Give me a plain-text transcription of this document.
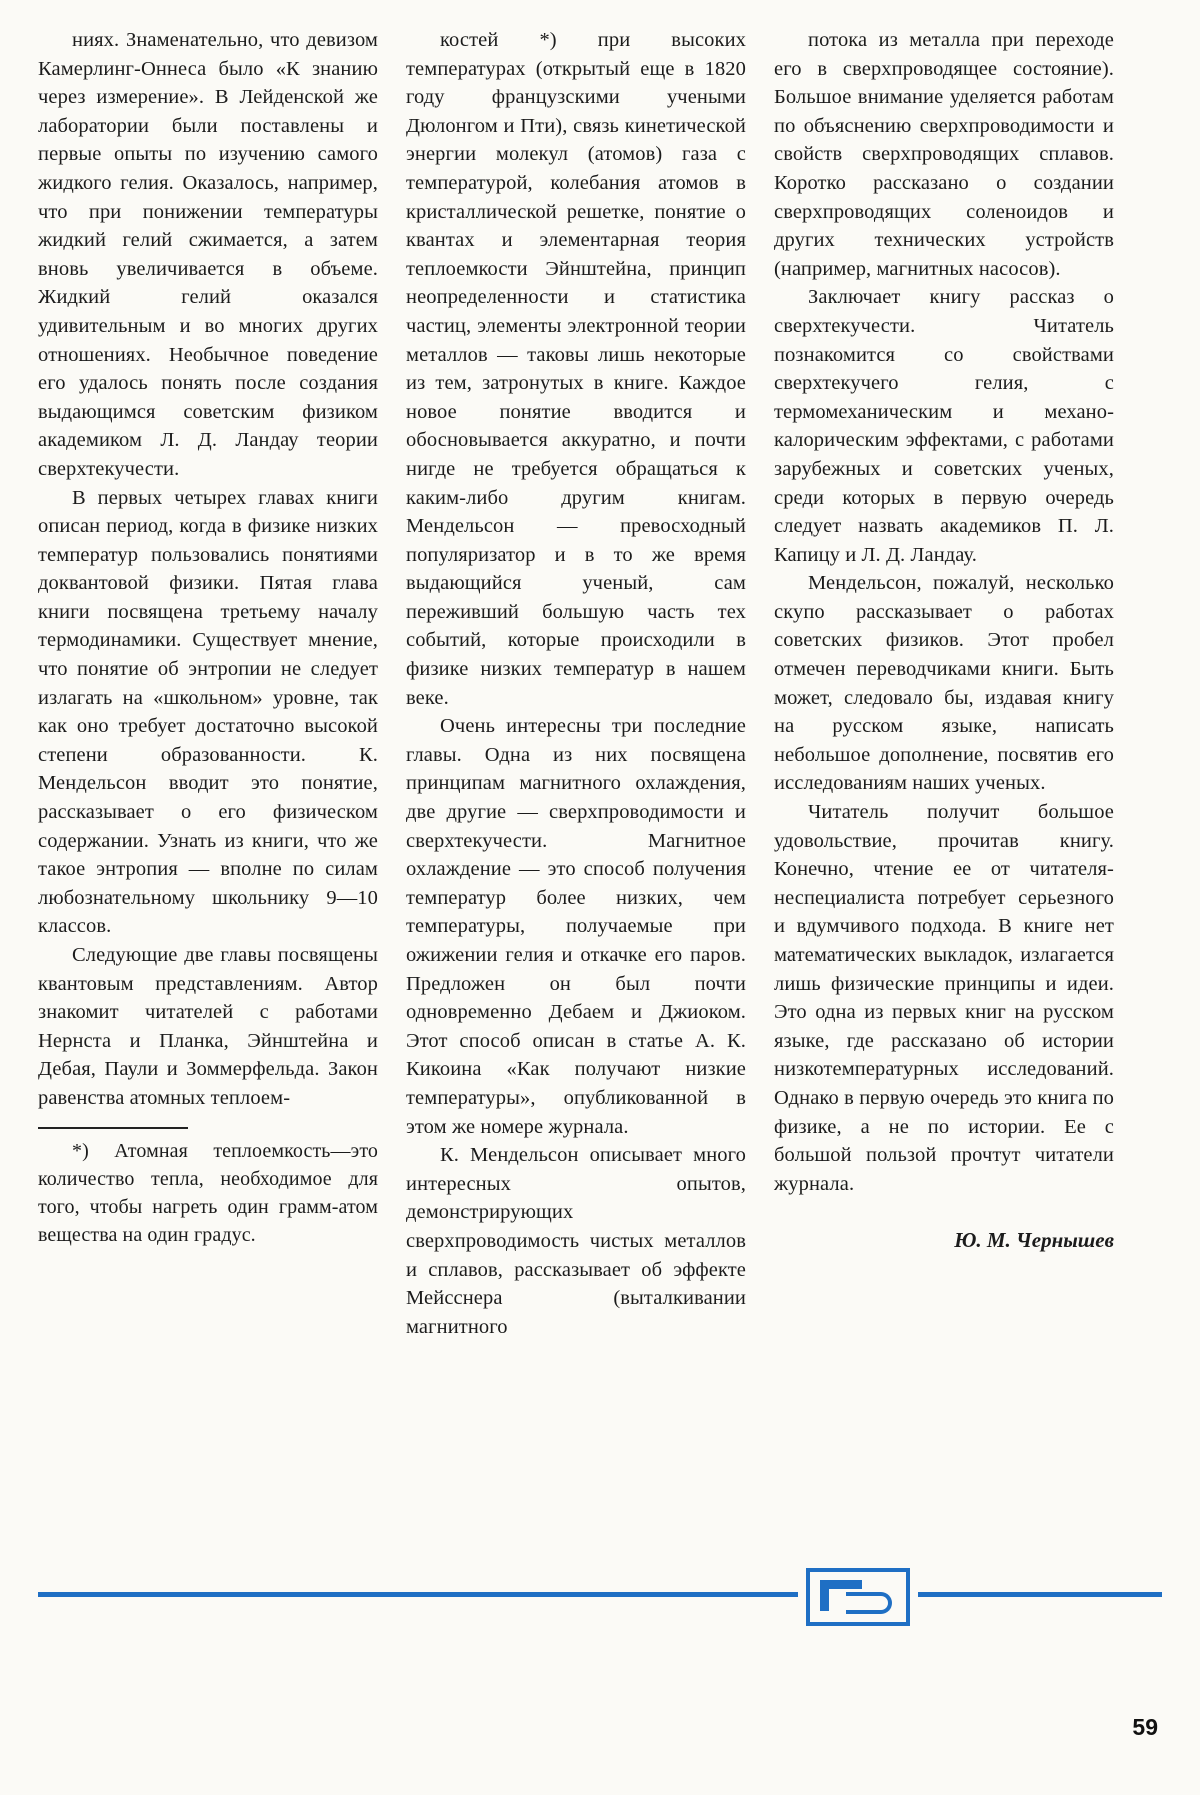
ниях. Знаменательно, что девизом Камерлинг-Оннеса было «К знанию через измерение». В Лейденской же лаборатории были поставлены и первые опыты по изучению самого жидкого гелия. Оказалось, например, что при понижении температуры жидкий гелий сжимается, а затем вновь увеличивается в объеме. Жидкий гелий оказался удивительным и во многих других отношениях. Необычное поведение его удалось понять после создания выдающимся советским физиком академиком Л. Д. Ландау теории сверхтекучести.

В первых четырех главах книги описан период, когда в физике низких температур пользовались понятиями доквантовой физики. Пятая глава книги посвящена третьему началу термодинамики. Существует мнение, что понятие об энтропии не следует излагать на «школьном» уровне, так как оно требует достаточно высокой степени образованности. К. Мендельсон вводит это понятие, рассказывает о его физическом содержании. Узнать из книги, что же такое энтропия — вполне по силам любознательному школьнику 9—10 классов.

Следующие две главы посвящены квантовым представлениям. Автор знакомит читателей с работами Нернста и Планка, Эйнштейна и Дебая, Паули и Зоммерфельда. Закон равенства атомных теплоем-

*) Атомная теплоемкость—это количество тепла, необходимое для того, чтобы нагреть один грамм-атом вещества на один градус.

костей *) при высоких температурах (открытый еще в 1820 году французскими учеными Дюлонгом и Пти), связь кинетической энергии молекул (атомов) газа с температурой, колебания атомов в кристаллической решетке, понятие о квантах и элементарная теория теплоемкости Эйнштейна, принцип неопределенности и статистика частиц, элементы электронной теории металлов — таковы лишь некоторые из тем, затронутых в книге. Каждое новое понятие вводится и обосновывается аккуратно, и почти нигде не требуется обращаться к каким-либо другим книгам. Мендельсон — превосходный популяризатор и в то же время выдающийся ученый, сам переживший большую часть тех событий, которые происходили в физике низких температур в нашем веке.

Очень интересны три последние главы. Одна из них посвящена принципам магнитного охлаждения, две другие — сверхпроводимости и сверхтекучести. Магнитное охлаждение — это способ получения температур более низких, чем температуры, получаемые при ожижении гелия и откачке его паров. Предложен он был почти одновременно Дебаем и Джиоком. Этот способ описан в статье А. К. Кикоина «Как получают низкие температуры», опубликованной в этом же номере журнала.

К. Мендельсон описывает много интересных опытов, демонстрирующих сверхпроводимость чистых металлов и сплавов, рассказывает об эффекте Мейсснера (выталкивании магнитного

потока из металла при переходе его в сверхпроводящее состояние). Большое внимание уделяется работам по объяснению сверхпроводимости и свойств сверхпроводящих сплавов. Коротко рассказано о создании сверхпроводящих соленоидов и других технических устройств (например, магнитных насосов).

Заключает книгу рассказ о сверхтекучести. Читатель познакомится со свойствами сверхтекучего гелия, с термомеханическим и механо-калорическим эффектами, с работами зарубежных и советских ученых, среди которых в первую очередь следует назвать академиков П. Л. Капицу и Л. Д. Ландау.

Мендельсон, пожалуй, несколько скупо рассказывает о работах советских физиков. Этот пробел отмечен переводчиками книги. Быть может, следовало бы, издавая книгу на русском языке, написать небольшое дополнение, посвятив его исследованиям наших ученых.

Читатель получит большое удовольствие, прочитав книгу. Конечно, чтение ее от читателя-неспециалиста потребует серьезного и вдумчивого подхода. В книге нет математических выкладок, излагается лишь физические принципы и идеи. Это одна из первых книг на русском языке, где рассказано об истории низкотемпературных исследований. Однако в первую очередь это книга по физике, а не по истории. Ее с большой пользой прочтут читатели журнала.

Ю. М. Чернышев
59
